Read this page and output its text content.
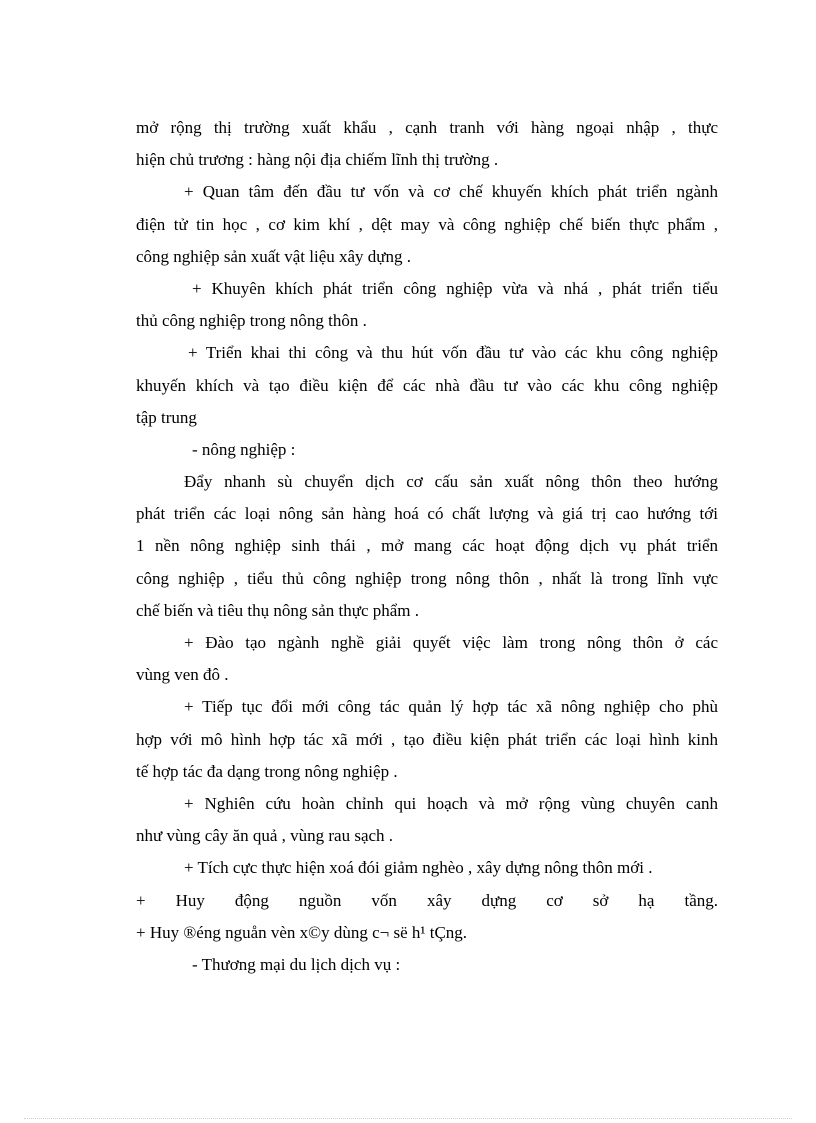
mở rộng thị trường xuất khẩu , cạnh tranh với hàng ngoại nhập , thực
hiện chủ trương : hàng nội địa chiếm lĩnh thị trường .
+ Quan tâm đến đầu tư vốn và cơ chế khuyến khích phát triển ngành
điện tử tin học , cơ kim khí , dệt may và công nghiệp chế biến thực phẩm ,
công nghiệp sản xuất vật liệu xây dựng .
+ Khuyên khích phát triển công nghiệp vừa và nhá , phát triển tiểu
thủ công nghiệp trong nông thôn .
+ Triển khai thi công và thu hút vốn đầu tư vào các khu công nghiệp
khuyến khích và tạo điều kiện để các nhà đầu tư vào các khu công nghiệp
tập trung
- nông nghiệp :
Đẩy nhanh sù chuyển dịch cơ cấu sản xuất nông thôn theo hướng
phát triển các loại nông sản hàng hoá có chất lượng và giá trị cao hướng tới
1 nền nông nghiệp sinh thái , mở mang các hoạt động dịch vụ phát triển
công nghiệp , tiểu thủ công nghiệp trong nông thôn , nhất là trong lĩnh vực
chế biến và tiêu thụ nông sản thực phẩm .
+ Đào tạo ngành nghề giải quyết việc làm trong nông thôn ở các
vùng ven đô .
+ Tiếp tục đổi mới công tác quản lý hợp tác xã nông nghiệp cho phù
hợp với mô hình hợp tác xã mới , tạo điều kiện phát triển các loại hình kinh
tế hợp tác đa dạng trong nông nghiệp .
+ Nghiên cứu hoàn chỉnh qui hoạch và mở rộng vùng chuyên canh
như vùng cây ăn quả , vùng rau sạch .
+ Tích cực thực hiện xoá đói giảm nghèo , xây dựng nông thôn mới .
+ Huy động nguồn vốn xây dựng cơ sở hạ tầng.
+ Huy ®éng nguån vèn x©y dùng c¬ së h¹ tÇng.
- Thương mại du lịch dịch vụ :
